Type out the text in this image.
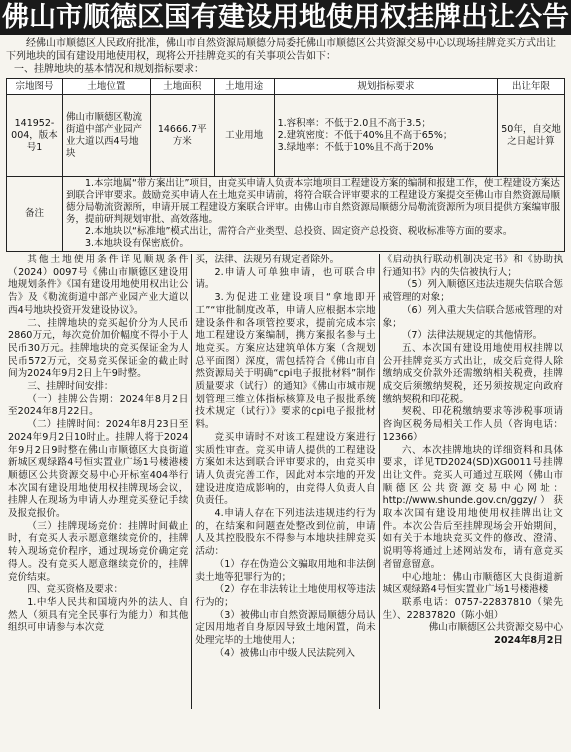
佛山市顺德区国有建设用地使用权挂牌出让公告
经佛山市顺德区人民政府批准，佛山市自然资源局顺德分局委托佛山市顺德区公共资源交易中心以现场挂牌竞买方式出让下列地块的国有建设用地使用权，现将公开挂牌竞买的有关事项公告如下：
一、挂牌地块的基本情况和规划指标要求：
宗地图号	土地位置	土地面积	土地用途	规划指标要求	出让年限
141952-004，版本号1	佛山市顺德区勒流街道中部产业园产业大道以西4号地块	14666.7平方米	工业用地	1.容积率：不低于2.0且不高于3.5；
2.建筑密度：不低于40%且不高于65%；
3.绿地率：不低于10%且不高于20%	50年，自交地之日起计算
备注	1.本宗地属“带方案出让”项目，由竞买申请人负责本宗地项目工程建设方案的编制和报建工作，使工程建设方案达到联合评审要求。鼓励竞买申请人在土地竞买申请前，将符合联合评审要求的工程建设方案提交至佛山市自然资源局顺德分局勒流资源所，申请开展工程建设方案联合评审。由佛山市自然资源局顺德分局勒流资源所为项目提供方案编审服务，提前研判规划审批、高效落地。

2.本地块以“标准地”模式出让，需符合产业类型、总投资、固定资产总投资、税收标准等方面的要求。

3.本地块设有保密底价。				

其他土地使用条件详见顺规条件（2024）0097号《佛山市顺德区建设用地规划条件》《国有建设用地使用权出让公告》及《勒流街道中部产业园产业大道以西4号地块投资开发建设协议》。

二、挂牌地块的竞买起价分为人民币2860万元，每次竞价加价幅度不得小于人民币30万元。挂牌地块的竞买保证金为人民币572万元，交易竞买保证金的截止时间为2024年9月2日上午9时整。

三、挂牌时间安排：

（一）挂牌公告期：2024年8月2日至2024年8月22日。

（二）挂牌时间：2024年8月23日至2024年9月2日10时止。挂牌人将于2024年9月2日9时整在佛山市顺德区大良街道新城区观绿路4号恒实置业广场1号楼港楼顺德区公共资源交易中心开标室404举行本次国有建设用地使用权挂牌现场会议，挂牌人在现场为申请人办理竞买登记手续及报竞报价。

（三）挂牌现场竞价：挂牌时间截止时，有竞买人表示愿意继续竞价的，挂牌转入现场竞价程序，通过现场竞价确定竞得人。没有竞买人愿意继续竞价的，挂牌竞价结束。

四、竞买资格及要求：

1.中华人民共和国境内外的法人、自然人（须具有完全民事行为能力）和其他组织可申请参与本次竞

买，法律、法规另有规定者除外。

2.申请人可单独申请，也可联合申请。

3.为促进工业建设项目“拿地即开工”“审批制度改革，申请人应根据本宗地建设条件和各项管控要求，提前完成本宗地工程建设方案编制，携方案报名参与土地竞买。方案应达建筑单体方案（含规划总平面图）深度，需包括符合《佛山市自然资源局关于明确“cpi电子报批材料”制作质量要求（试行）的通知》《佛山市城市规划管理三维立体指标核算及电子报批系统技术规定（试行）》要求的cpi电子报批材料。

竞买申请时不对该工程建设方案进行实质性审查。竞买申请人提供的工程建设方案如未达到联合评审要求的，由竞买申请人负责完善工作，因此对本宗地的开发建设进度造成影响的，由竞得人负责人自负责任。

4.申请人存在下列违法违规违约行为的，在结案和问题查处整改到位前，申请人及其控股股东不得参与本地块挂牌竞买活动：

（1）存在伪造公文骗取用地和非法倒卖土地等犯罪行为的；

（2）存在非法转让土地使用权等违法行为的；

（3）被佛山市自然资源局顺德分局认定因用地者自身原因导致土地闲置，尚未处理完毕的土地使用人；

（4）被佛山市中级人民法院列入

《启动执行联动机制决定书》和《协助执行通知书》内的失信被执行人；

（5）列入顺德区违法违规失信联合惩戒管理的对象；

（6）列入重大失信联合惩戒管理的对象；

（7）法律法规规定的其他情形。

五、本次国有建设用地使用权挂牌以公开挂牌竞买方式出让，成交后竞得人除缴纳成交价款外还需缴纳相关税费，挂牌成交后须缴纳契税，还另须按规定向政府缴纳契税和印花税。

契税、印花税缴纳要求等涉税事项请咨询区税务局相关工作人员（咨询电话：12366）

六、本次挂牌地块的详细资料和具体要求，详见TD2024(SD)XG0011号挂牌出让文件。竞买人可通过互联网（佛山市顺德区公共资源交易中心网址：http://www.shunde.gov.cn/ggzy/）获取本次国有建设用地使用权挂牌出让文件。本次公告后至挂牌现场会开始期间，如有关于本地块竞买文件的修改、澄清、说明等将通过上述网站发布，请有意竞买者留意留意。

中心地址：佛山市顺德区大良街道新城区观绿路4号恒实置业广场1号楼港楼

联系电话：0757-22837810（梁先生）、22837820（陈小姐）

佛山市顺德区公共资源交易中心

2024年8月2日
